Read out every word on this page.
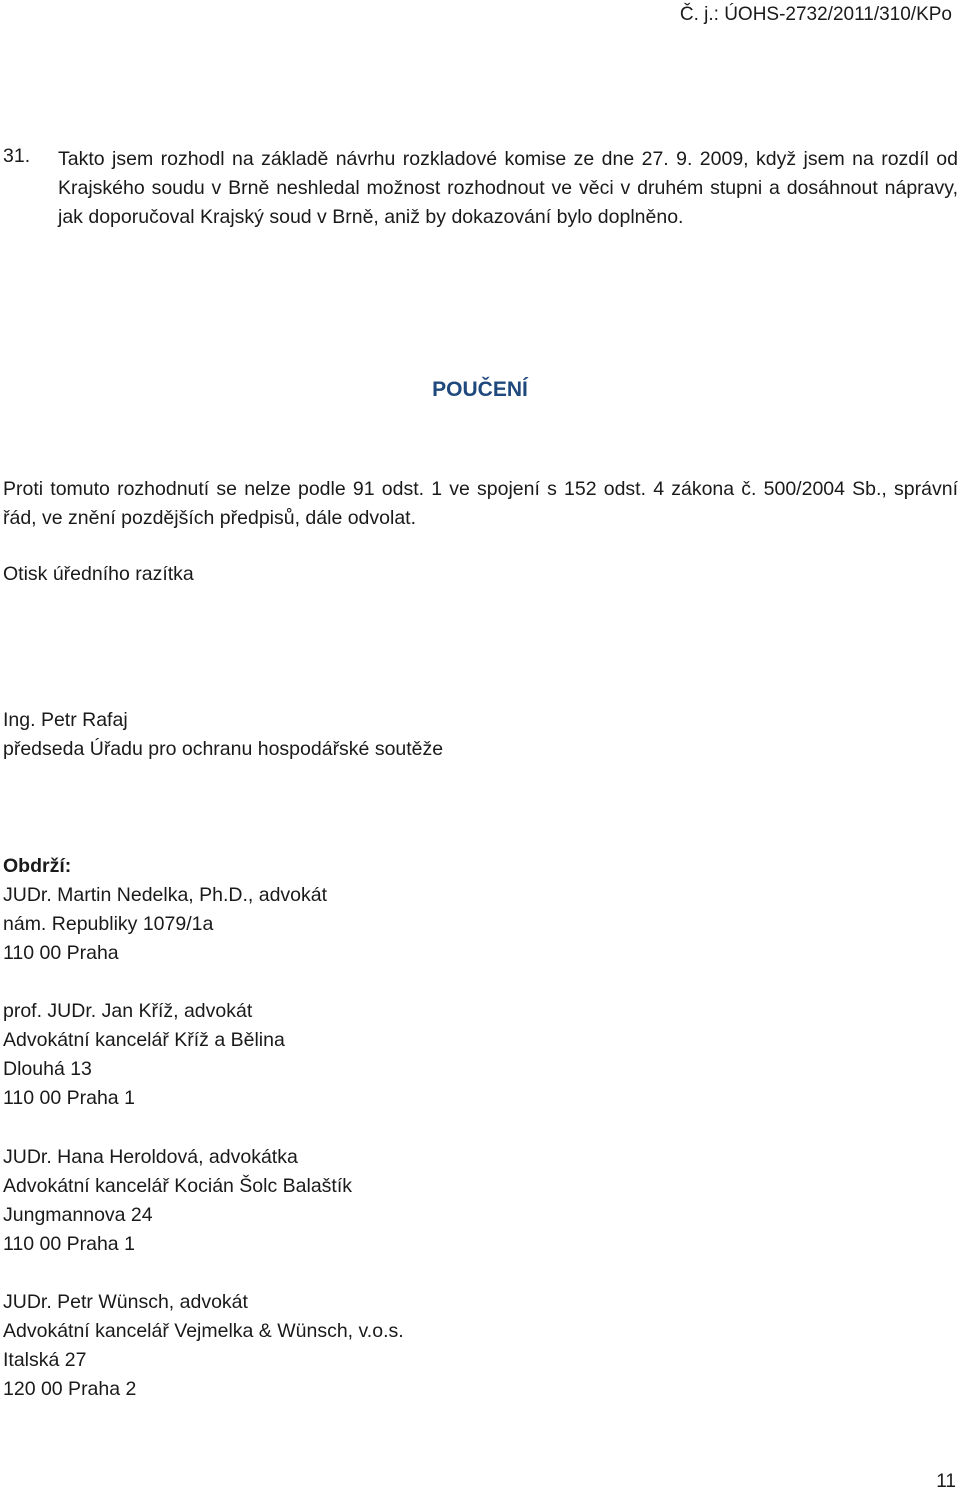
Č. j.: ÚOHS-2732/2011/310/KPo
31. Takto jsem rozhodl na základě návrhu rozkladové komise ze dne 27. 9. 2009, když jsem na rozdíl od Krajského soudu v Brně neshledal možnost rozhodnout ve věci v druhém stupni a dosáhnout nápravy, jak doporučoval Krajský soud v Brně, aniž by dokazování bylo doplněno.
POUČENÍ
Proti tomuto rozhodnutí se nelze podle 91 odst. 1 ve spojení s 152 odst. 4 zákona č. 500/2004 Sb., správní řád, ve znění pozdějších předpisů, dále odvolat.
Otisk úředního razítka
Ing. Petr Rafaj
předseda Úřadu pro ochranu hospodářské soutěže
Obdrží:
JUDr. Martin Nedelka, Ph.D., advokát
nám. Republiky 1079/1a
110 00 Praha
prof. JUDr. Jan Kříž, advokát
Advokátní kancelář Kříž a Bělina
Dlouhá 13
110 00 Praha 1
JUDr. Hana Heroldová, advokátka
Advokátní kancelář Kocián Šolc Balaštík
Jungmannova 24
110 00 Praha 1
JUDr. Petr Wünsch, advokát
Advokátní kancelář Vejmelka & Wünsch, v.o.s.
Italská 27
120 00 Praha 2
11
